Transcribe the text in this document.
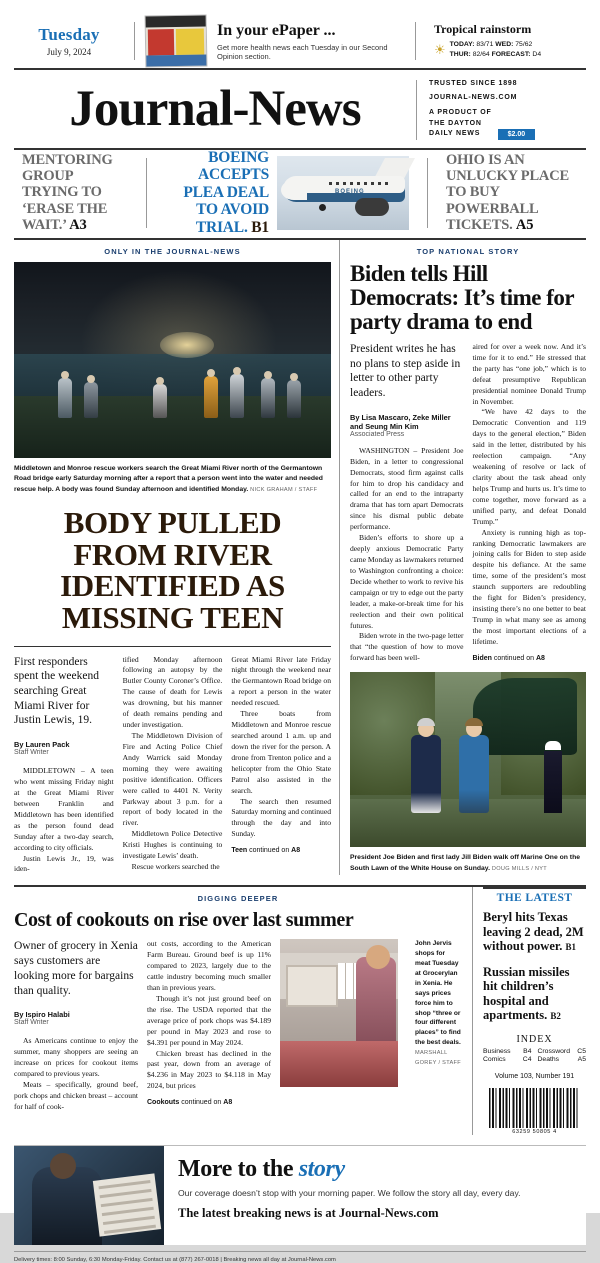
Tuesday
July 9, 2024
In your ePaper ...
Get more health news each Tuesday in our Second Opinion section.
Tropical rainstorm
☀ TODAY: 83/71 WED: 75/62
THUR: 82/64 FORECAST: D4
Journal-News	TRUSTED SINCE 1898
JOURNAL-NEWS.COM
A PRODUCT OF
THE DAYTON
DAILY NEWS	$2.00
MENTORING GROUP TRYING TO ‘ERASE THE WAIT.’ A3
BOEING ACCEPTS PLEA DEAL TO AVOID TRIAL. B1
BOEING
OHIO IS AN UNLUCKY PLACE TO BUY POWERBALL TICKETS. A5
ONLY IN THE JOURNAL-NEWS
Middletown and Monroe rescue workers search the Great Miami River north of the Germantown Road bridge early Saturday morning after a report that a person went into the water and needed rescue help. A body was found Sunday afternoon and identified Monday. NICK GRAHAM / STAFF
BODY PULLED FROM RIVER IDENTIFIED AS MISSING TEEN
First responders spent the weekend searching Great Miami River for Justin Lewis, 19.
By Lauren Pack
Staff Writer

MIDDLETOWN – A teen who went missing Friday night at the Great Miami River between Franklin and Middletown has been identified as the person found dead Sunday after a two-day search, according to city officials.

Justin Lewis Jr., 19, was iden-

tified Monday afternoon following an autopsy by the Butler County Coroner’s Office. The cause of death for Lewis was drowning, but his manner of death remains pending and under investigation.

The Middletown Division of Fire and Acting Police Chief Andy Warrick said Monday morning they were awaiting positive identification. Officers were called to 4401 N. Verity Parkway about 3 p.m. for a report of body located in the river.

Middletown Police Detective Kristi Hughes is continuing to investigate Lewis’ death.

Rescue workers searched the

Great Miami River late Friday night through the weekend near the Germantown Road bridge on a report a person in the water needed rescued.

Three boats from Middletown and Monroe rescue searched around 1 a.m. up and down the river for the person. A drone from Trenton police and a helicopter from the Ohio State Patrol also assisted in the search.

The search then resumed Saturday morning and continued through the day and into Sunday.

Teen continued on A8
TOP NATIONAL STORY
Biden tells Hill Democrats: It’s time for party drama to end
President writes he has no plans to step aside in letter to other party leaders.
By Lisa Mascaro, Zeke Miller and Seung Min Kim
Associated Press

WASHINGTON – President Joe Biden, in a letter to congressional Democrats, stood firm against calls for him to drop his candidacy and called for an end to the intraparty drama that has torn apart Democrats since his dismal public debate performance.

Biden’s efforts to shore up a deeply anxious Democratic Party came Monday as lawmakers returned to Washington confronting a choice: Decide whether to work to revive his campaign or try to edge out the party leader, a make-or-break time for his reelection and their own political futures.

Biden wrote in the two-page letter that “the question of how to move forward has been well-

aired for over a week now. And it’s time for it to end.” He stressed that the party has “one job,” which is to defeat presumptive Republican presidential nominee Donald Trump in November.

“We have 42 days to the Democratic Convention and 119 days to the general election,” Biden said in the letter, distributed by his reelection campaign. “Any weakening of resolve or lack of clarity about the task ahead only helps Trump and hurts us. It’s time to come together, move forward as a unified party, and defeat Donald Trump.”

Anxiety is running high as top-ranking Democratic lawmakers are joining calls for Biden to step aside despite his defiance. At the same time, some of the president’s most staunch supporters are redoubling the fight for Biden’s presidency, insisting there’s no one better to beat Trump in what many see as among the most important elections of a lifetime.

Biden continued on A8
President Joe Biden and first lady Jill Biden walk off Marine One on the South Lawn of the White House on Sunday. DOUG MILLS / NYT
DIGGING DEEPER
Cost of cookouts on rise over last summer
Owner of grocery in Xenia says customers are looking more for bargains than quality.
By Ispiro Halabi
Staff Writer

As Americans continue to enjoy the summer, many shoppers are seeing an increase on prices for cookout items compared to previous years.

Meats – specifically, ground beef, pork chops and chicken breast – account for half of cook-

out costs, according to the American Farm Bureau. Ground beef is up 11% compared to 2023, largely due to the cattle industry becoming much smaller than in previous years.

Though it’s not just ground beef on the rise. The USDA reported that the average price of pork chops was $4.189 per pound in May 2023 and rose to $4.391 per pound in May 2024.

Chicken breast has declined in the past year, down from an average of $4.236 in May 2023 to $4.118 in May 2024, but prices

Cookouts continued on A8
John Jervis shops for meat Tuesday at Grocerylan in Xenia. He says prices force him to shop “three or four different places” to find the best deals. MARSHALL GOREY / STAFF
THE LATEST
Beryl hits Texas leaving 2 dead, 2M without power. B1
Russian missiles hit children’s hospital and apartments. B2
INDEX
Business	B4 Crossword C5
Comics	C4 Deaths	A5
Volume 103, Number 191
63259 50805 4
More to the story
Our coverage doesn’t stop with your morning paper. We follow the story all day, every day.
The latest breaking news is at Journal-News.com
Delivery times: 8:00 Sunday, 6:30 Monday-Friday. Contact us at (877) 267-0018 | Breaking news all day at Journal-News.com
